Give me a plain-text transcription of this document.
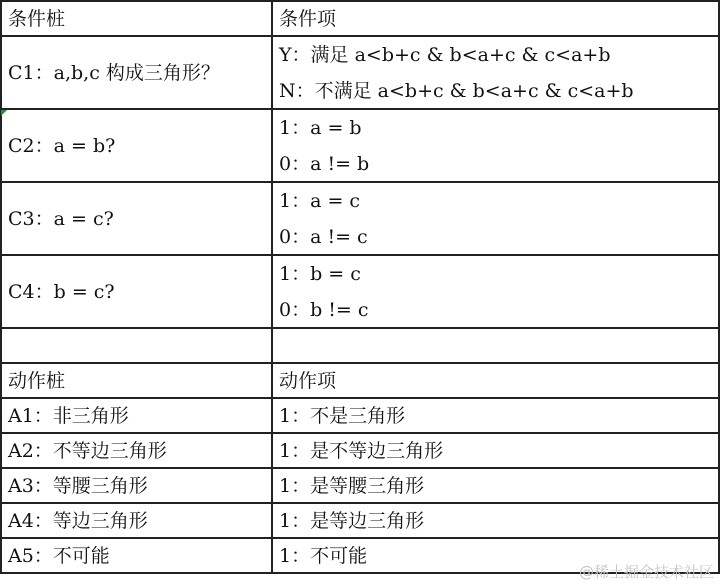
条件桩	条件项
C1：a,b,c 构成三角形？	Y：满足 a<b+c & b<a+c & c<a+b
N：不满足 a<b+c & b<a+c & c<a+b

C2：a = b?	1：a = b
0：a != b

C3：a = c?	1：a = c
0：a != c

C4：b = c?	1：b = c
0：b != c

动作桩	动作项
A1：非三角形	1：不是三角形
A2：不等边三角形	1：是不等边三角形
A3：等腰三角形	1：是等腰三角形
A4：等边三角形	1：是等边三角形
A5：不可能	1：不可能
@稀土掘金技术社区
